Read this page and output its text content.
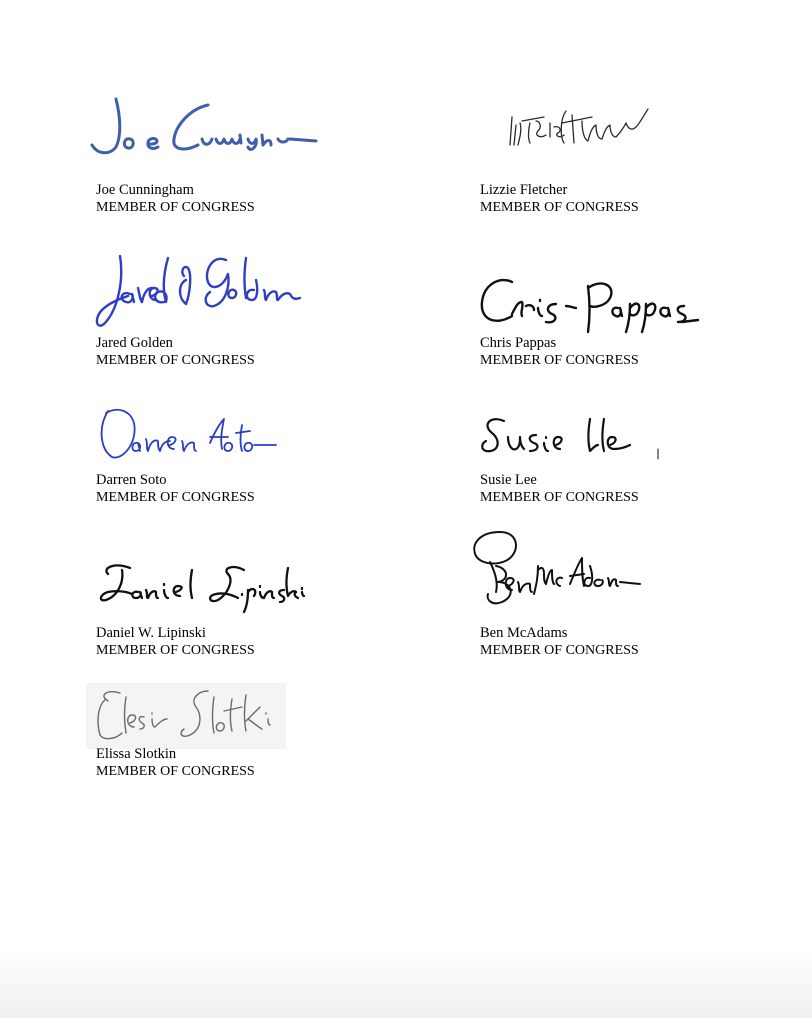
Joe Cunningham
MEMBER OF CONGRESS
Lizzie Fletcher
MEMBER OF CONGRESS
Jared Golden
MEMBER OF CONGRESS
Chris Pappas
MEMBER OF CONGRESS
Darren Soto
MEMBER OF CONGRESS
Susie Lee
MEMBER OF CONGRESS
Daniel W. Lipinski
MEMBER OF CONGRESS
Ben McAdams
MEMBER OF CONGRESS
Elissa Slotkin
MEMBER OF CONGRESS
